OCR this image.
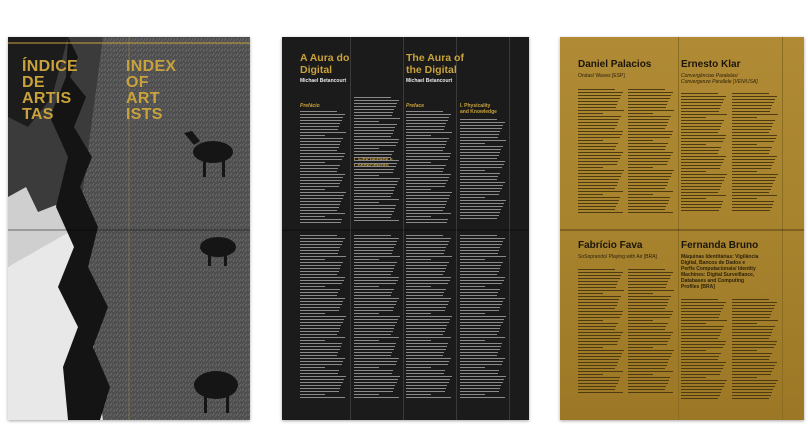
ÍNDICE
DE
ARTIS
TAS
INDEX
OF
ART
ISTS
A Aura do
Digital
Michael Betancourt
Prefácio
The Aura of
the Digital
Michael Betancourt
Preface	I. Physicality
and Knowledge
Daniel Palacios
Ondas/ Waves [ESP]
Ernesto Klar
Convergências Paralelas/
Convergenze Parallele [VEN/USA]
Fabrício Fava
SoSoprando/ Playing with Air [BRA]
Fernanda Bruno
Máquinas Identitárias: Vigilância
Digital, Bancos de Dados e
Perfis Computacionais/ Identity
Machines: Digital Surveillance,
Databases and Computing
Profiles [BRA]
